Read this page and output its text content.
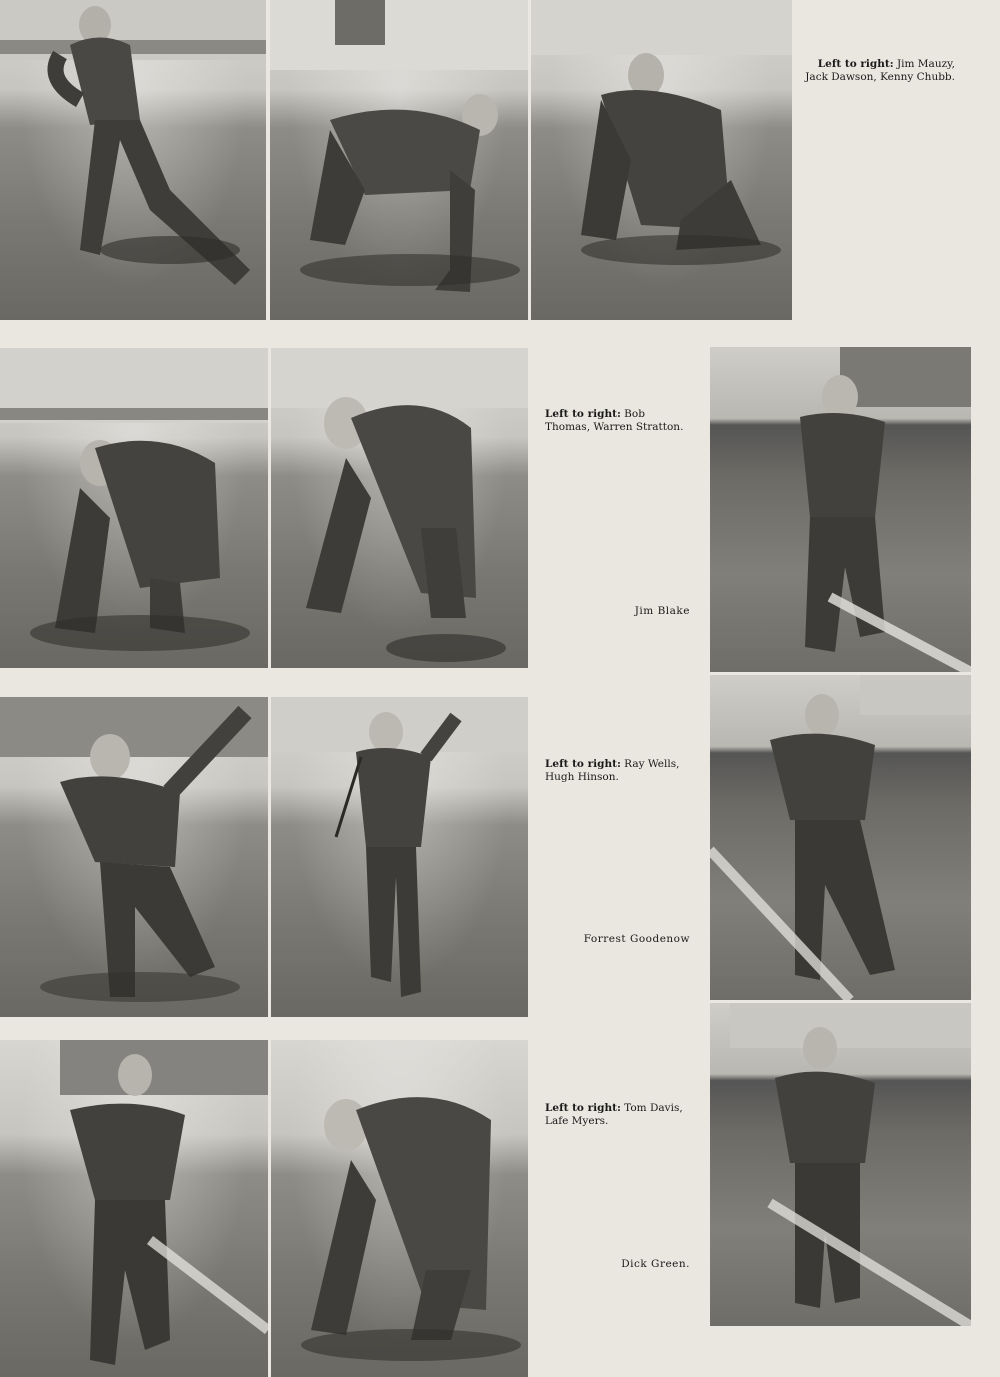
Left to right: Jim Mauzy, Jack Dawson, Kenny Chubb.
Left to right: Bob Thomas, Warren Stratton.
Jim Blake
Left to right: Ray Wells, Hugh Hinson.
Forrest Goodenow
Left to right: Tom Davis, Lafe Myers.
Dick Green.
